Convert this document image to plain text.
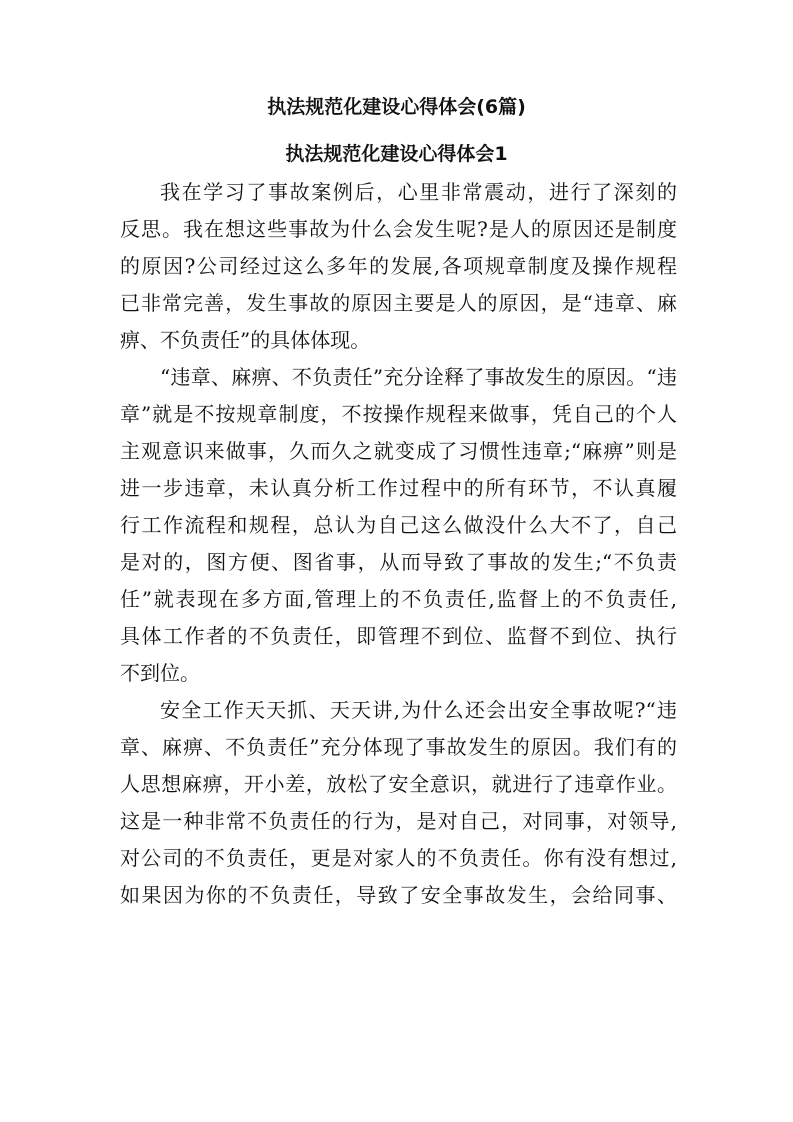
执法规范化建设心得体会(6篇)
执法规范化建设心得体会1
我在学习了事故案例后，心里非常震动，进行了深刻的
反思。我在想这些事故为什么会发生呢?是人的原因还是制度
的原因?公司经过这么多年的发展,各项规章制度及操作规程
已非常完善，发生事故的原因主要是人的原因，是“违章、麻
痹、不负责任”的具体体现。
“违章、麻痹、不负责任”充分诠释了事故发生的原因。“违
章”就是不按规章制度，不按操作规程来做事，凭自己的个人
主观意识来做事，久而久之就变成了习惯性违章;“麻痹”则是
进一步违章，未认真分析工作过程中的所有环节，不认真履
行工作流程和规程，总认为自己这么做没什么大不了，自己
是对的，图方便、图省事，从而导致了事故的发生;“不负责
任”就表现在多方面,管理上的不负责任,监督上的不负责任,
具体工作者的不负责任，即管理不到位、监督不到位、执行
不到位。
安全工作天天抓、天天讲,为什么还会出安全事故呢?“违
章、麻痹、不负责任”充分体现了事故发生的原因。我们有的
人思想麻痹，开小差，放松了安全意识，就进行了违章作业。
这是一种非常不负责任的行为，是对自己，对同事，对领导,
对公司的不负责任，更是对家人的不负责任。你有没有想过,
如果因为你的不负责任，导致了安全事故发生，会给同事、
